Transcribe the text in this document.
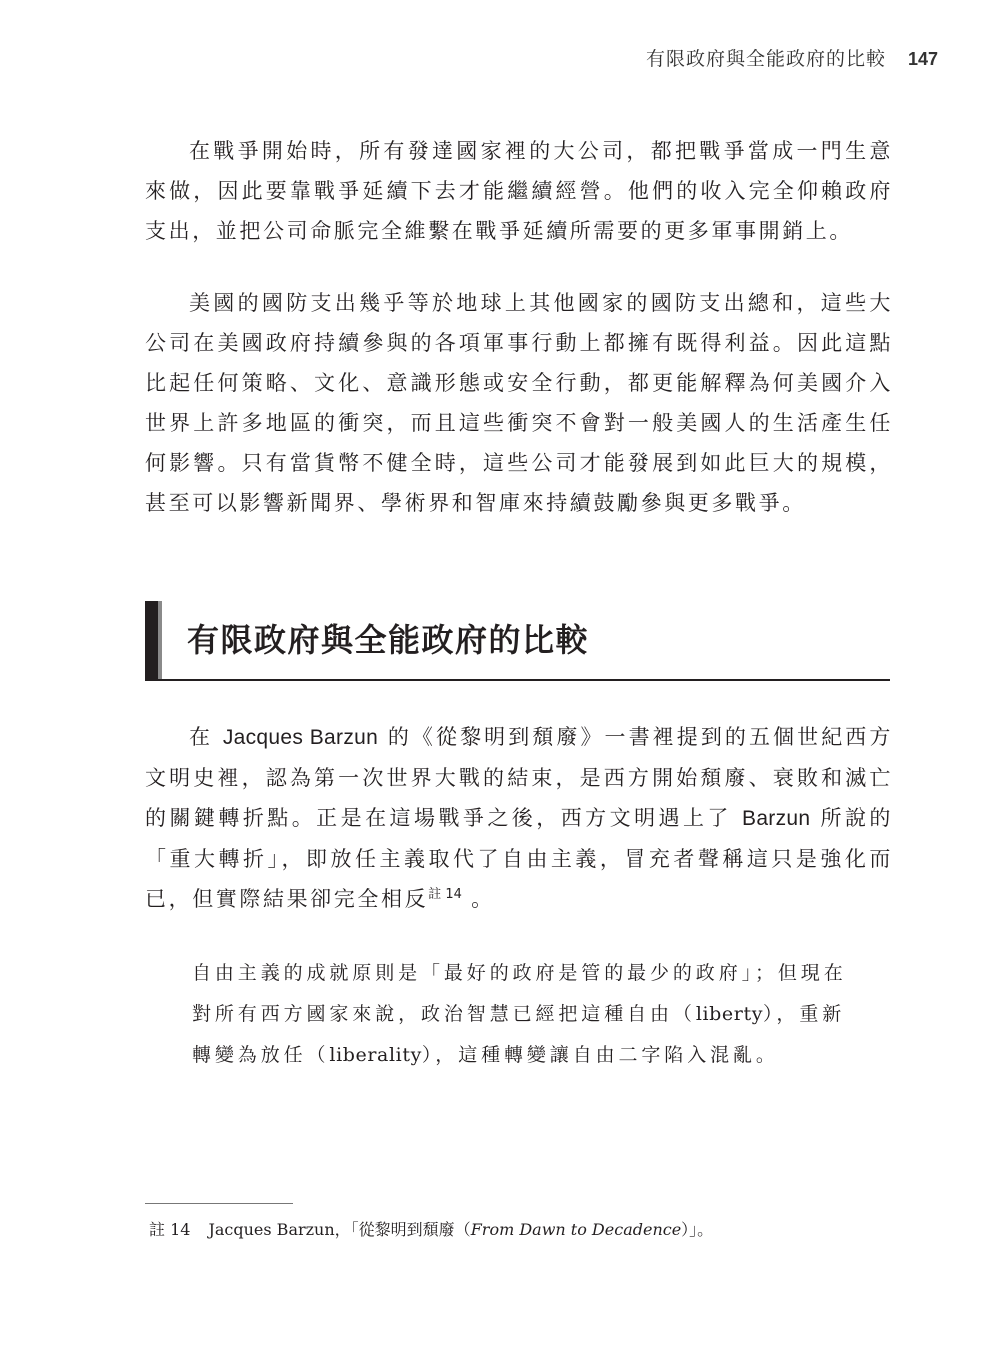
有限政府與全能政府的比較 147

在戰爭開始時，所有發達國家裡的大公司，都把戰爭當成一門生意來做，因此要靠戰爭延續下去才能繼續經營。他們的收入完全仰賴政府支出，並把公司命脈完全維繫在戰爭延續所需要的更多軍事開銷上。

美國的國防支出幾乎等於地球上其他國家的國防支出總和，這些大公司在美國政府持續參與的各項軍事行動上都擁有既得利益。因此這點比起任何策略、文化、意識形態或安全行動，都更能解釋為何美國介入世界上許多地區的衝突，而且這些衝突不會對一般美國人的生活產生任何影響。只有當貨幣不健全時，這些公司才能發展到如此巨大的規模，甚至可以影響新聞界、學術界和智庫來持續鼓勵參與更多戰爭。

有限政府與全能政府的比較

在 Jacques Barzun 的《從黎明到頹廢》一書裡提到的五個世紀西方文明史裡，認為第一次世界大戰的結束，是西方開始頹廢、衰敗和滅亡的關鍵轉折點。正是在這場戰爭之後，西方文明遇上了 Barzun 所說的「重大轉折」，即放任主義取代了自由主義，冒充者聲稱這只是強化而已，但實際結果卻完全相反$^{註 14}$ 。

自由主義的成就原則是「最好的政府是管的最少的政府」；但現在對所有西方國家來說，政治智慧已經把這種自由（liberty），重新轉變為放任（liberality），這種轉變讓自由二字陷入混亂。

註 14 Jacques Barzun，「從黎明到頹廢（From Dawn to Decadence）」。
